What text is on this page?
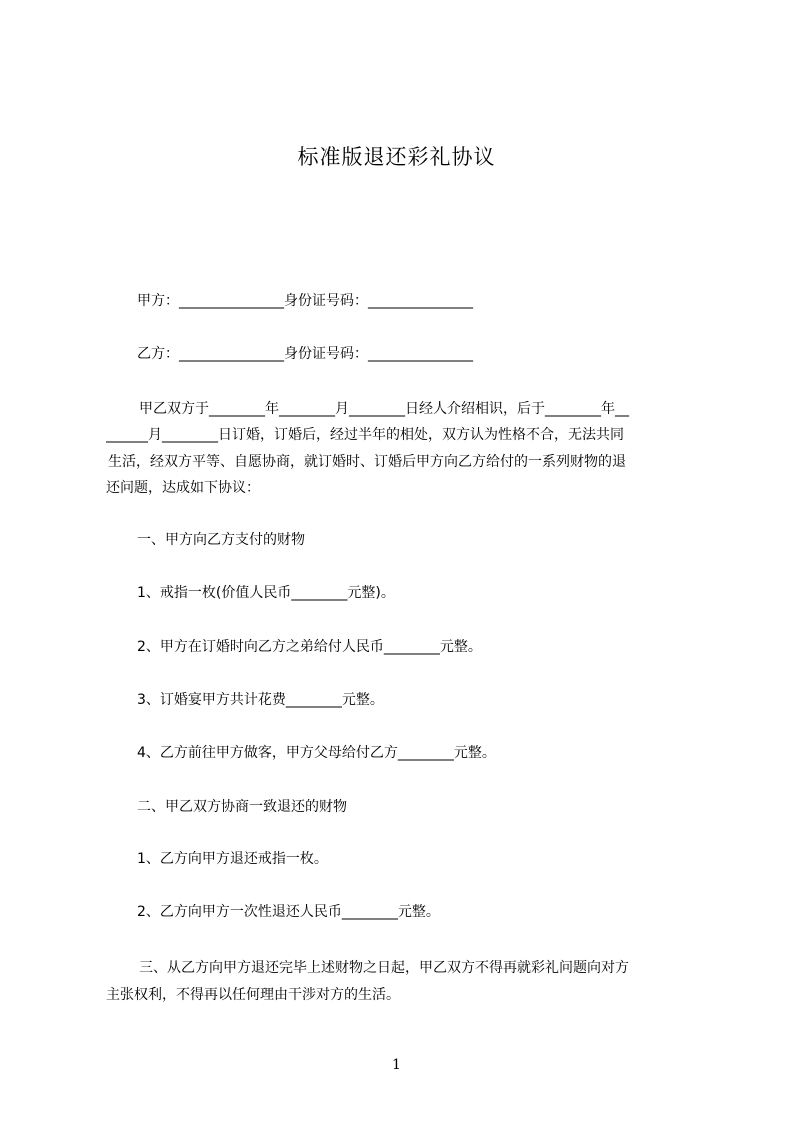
标准版退还彩礼协议
甲方：_______________身份证号码：_______________
乙方：_______________身份证号码：_______________
甲乙双方于________年________月________日经人介绍相识，后于________年__
______月________日订婚，订婚后，经过半年的相处，双方认为性格不合，无法共同
生活，经双方平等、自愿协商，就订婚时、订婚后甲方向乙方给付的一系列财物的退
还问题，达成如下协议：
一、甲方向乙方支付的财物
1、戒指一枚(价值人民币________元整)。
2、甲方在订婚时向乙方之弟给付人民币________元整。
3、订婚宴甲方共计花费________元整。
4、乙方前往甲方做客，甲方父母给付乙方________元整。
二、甲乙双方协商一致退还的财物
1、乙方向甲方退还戒指一枚。
2、乙方向甲方一次性退还人民币________元整。
三、从乙方向甲方退还完毕上述财物之日起，甲乙双方不得再就彩礼问题向对方
主张权利，不得再以任何理由干涉对方的生活。
1
